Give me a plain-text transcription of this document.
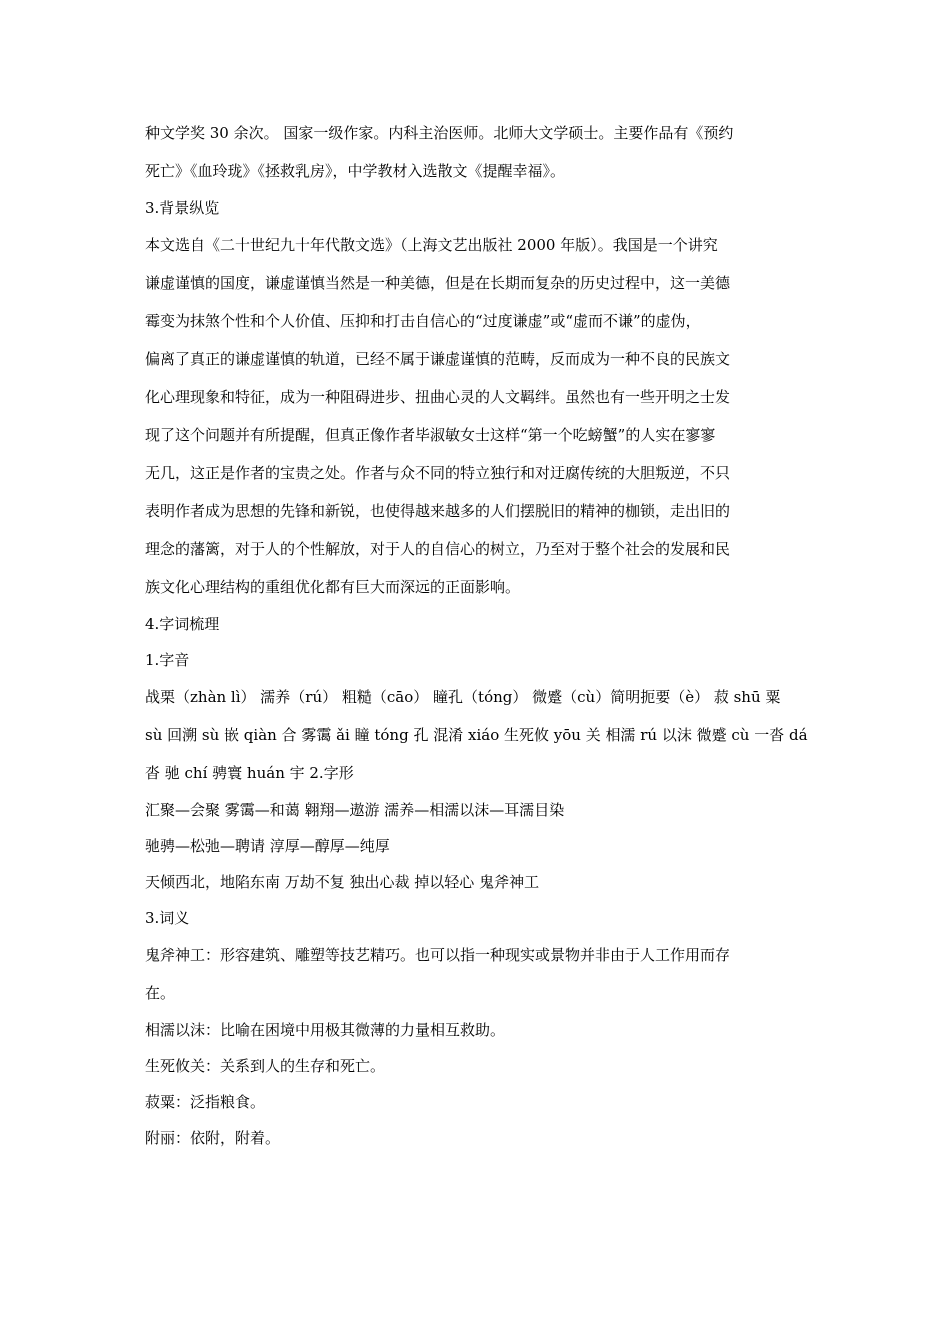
种文学奖 30 余次。 国家一级作家。内科主治医师。北师大文学硕士。主要作品有《预约
死亡》《血玲珑》《拯救乳房》，中学教材入选散文《提醒幸福》。
3.背景纵览
本文选自《二十世纪九十年代散文选》（上海文艺出版社 2000 年版）。我国是一个讲究
谦虚谨慎的国度，谦虚谨慎当然是一种美德，但是在长期而复杂的历史过程中，这一美德
霉变为抹煞个性和个人价值、压抑和打击自信心的“过度谦虚”或“虚而不谦”的虚伪，
偏离了真正的谦虚谨慎的轨道，已经不属于谦虚谨慎的范畴，反而成为一种不良的民族文
化心理现象和特征，成为一种阻碍进步、扭曲心灵的人文羁绊。虽然也有一些开明之士发
现了这个问题并有所提醒，但真正像作者毕淑敏女士这样“第一个吃螃蟹”的人实在寥寥
无几，这正是作者的宝贵之处。作者与众不同的特立独行和对迂腐传统的大胆叛逆，不只
表明作者成为思想的先锋和新锐，也使得越来越多的人们摆脱旧的精神的枷锁，走出旧的
理念的藩篱，对于人的个性解放，对于人的自信心的树立，乃至对于整个社会的发展和民
族文化心理结构的重组优化都有巨大而深远的正面影响。
4.字词梳理
1.字音
战栗（zhàn lì） 濡养（rú） 粗糙（cāo） 瞳孔（tóng） 微蹙（cù）简明扼要（è） 菽 shū 粟
sù 回溯 sù 嵌 qiàn 合 雾霭 ǎi 瞳 tóng 孔 混淆 xiáo 生死攸 yōu 关 相濡 rú 以沫 微蹙 cù 一沓 dá
沓 驰 chí 骋寰 huán 宇 2.字形
汇聚—会聚 雾霭—和蔼 翱翔—遨游 濡养—相濡以沫—耳濡目染
驰骋—松弛—聘请 淳厚—醇厚—纯厚
天倾西北，地陷东南 万劫不复 独出心裁 掉以轻心 鬼斧神工
3.词义
鬼斧神工：形容建筑、雕塑等技艺精巧。也可以指一种现实或景物并非由于人工作用而存
在。
相濡以沫：比喻在困境中用极其微薄的力量相互救助。
生死攸关：关系到人的生存和死亡。
菽粟：泛指粮食。
附丽：依附，附着。
